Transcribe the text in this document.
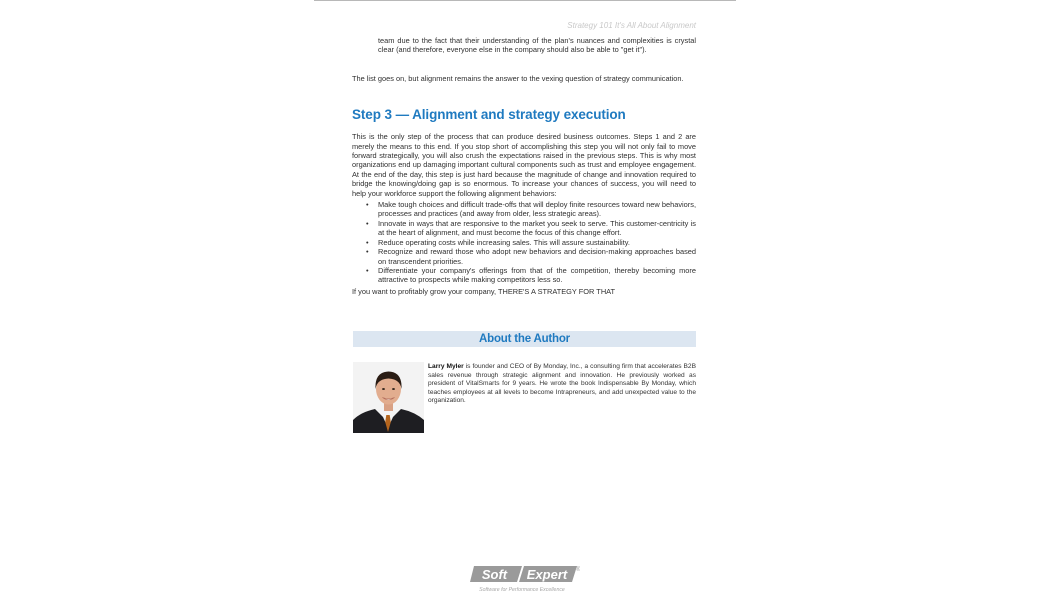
Strategy 101 It's All About Alignment

team due to the fact that their understanding of the plan's nuances and complexities is crystal clear (and therefore, everyone else in the company should also be able to "get it").

The list goes on, but alignment remains the answer to the vexing question of strategy communication.

Step 3 — Alignment and strategy execution

This is the only step of the process that can produce desired business outcomes. Steps 1 and 2 are merely the means to this end. If you stop short of accomplishing this step you will not only fail to move forward strategically, you will also crush the expectations raised in the previous steps. This is why most organizations end up damaging important cultural components such as trust and employee engagement. At the end of the day, this step is just hard because the magnitude of change and innovation required to bridge the knowing/doing gap is so enormous. To increase your chances of success, you will need to help your workforce support the following alignment behaviors:

• Make tough choices and difficult trade-offs that will deploy finite resources toward new behaviors, processes and practices (and away from older, less strategic areas).
• Innovate in ways that are responsive to the market you seek to serve. This customer-centricity is at the heart of alignment, and must become the focus of this change effort.
• Reduce operating costs while increasing sales. This will assure sustainability.
• Recognize and reward those who adopt new behaviors and decision-making approaches based on transcendent priorities.
• Differentiate your company's offerings from that of the competition, thereby becoming more attractive to prospects while making competitors less so.

If you want to profitably grow your company, THERE'S A STRATEGY FOR THAT

About the Author
Larry Myler is founder and CEO of By Monday, Inc., a consulting firm that accelerates B2B sales revenue through strategic alignment and innovation. He previously worked as president of VitalSmarts for 9 years. He wrote the book Indispensable By Monday, which teaches employees at all levels to become Intrapreneurs, and add unexpected value to the organization.
Soft Expert ®
Software for Performance Excellence
